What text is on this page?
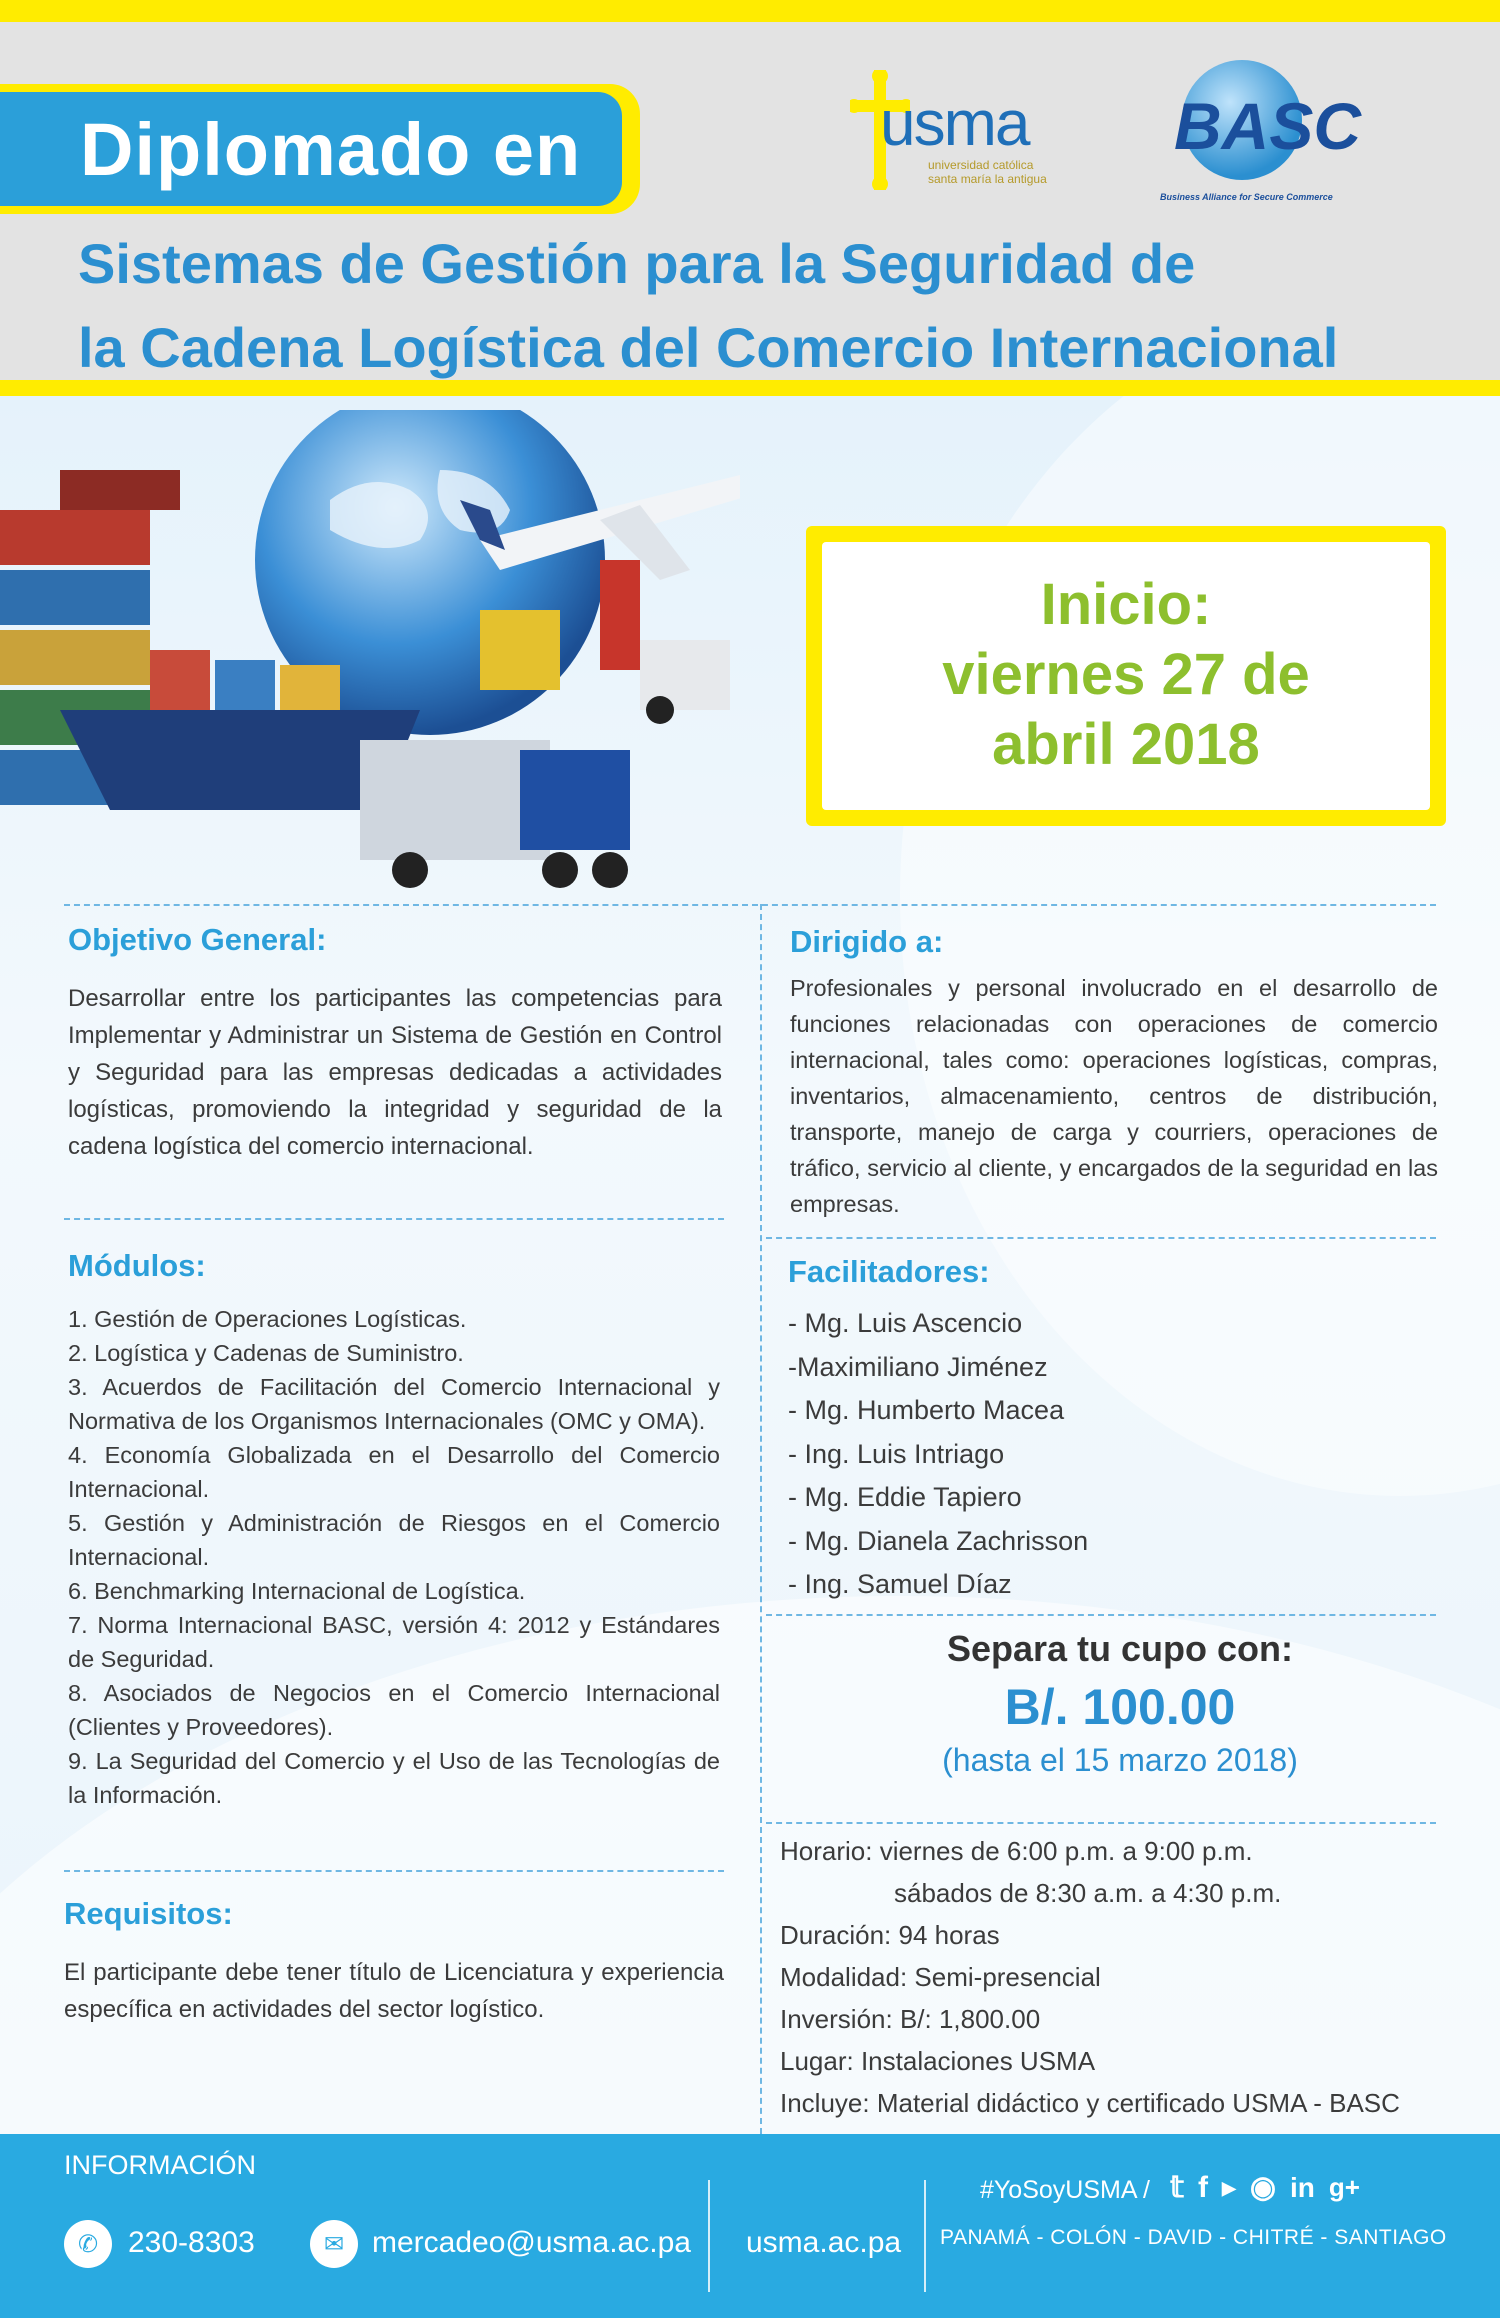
Diplomado en
Sistemas de Gestión para la Seguridad de
la Cadena Logística del Comercio Internacional
usma
universidad católica
santa maría la antigua
BASC
Business Alliance for Secure Commerce
Inicio:
viernes 27 de
abril 2018
Objetivo General:
Desarrollar entre los participantes las competencias para Implementar y Administrar un Sistema de Gestión en Control y Seguridad para las empresas dedicadas a actividades logísticas, promoviendo la integridad y seguridad de la cadena logística del comercio internacional.
Módulos:
1. Gestión de Operaciones Logísticas.
2. Logística y Cadenas de Suministro.
3. Acuerdos de Facilitación del Comercio Internacional y Normativa de los Organismos Internacionales (OMC y OMA).
4. Economía Globalizada en el Desarrollo del Comercio Internacional.
5. Gestión y Administración de Riesgos en el Comercio Internacional.
6. Benchmarking Internacional de Logística.
7. Norma Internacional BASC, versión 4: 2012 y Estándares de Seguridad.
8. Asociados de Negocios en el Comercio Internacional (Clientes y Proveedores).
9. La Seguridad del Comercio y el Uso de las Tecnologías de la Información.
Requisitos:
El participante debe tener título de Licenciatura y experiencia específica en actividades del sector logístico.
Dirigido a:
Profesionales y personal involucrado en el desarrollo de funciones relacionadas con operaciones de comercio internacional, tales como: operaciones logísticas, compras, inventarios, almacenamiento, centros de distribución, transporte, manejo de carga y courriers, operaciones de tráfico, servicio al cliente, y encargados de la seguridad en las empresas.
Facilitadores:
- Mg. Luis Ascencio
-Maximiliano Jiménez
- Mg. Humberto Macea
- Ing. Luis Intriago
- Mg. Eddie Tapiero
- Mg. Dianela Zachrisson
- Ing. Samuel Díaz
Separa tu cupo con:
B/. 100.00
(hasta el 15 marzo 2018)
Horario: viernes de 6:00 p.m. a 9:00 p.m.
sábados de 8:30 a.m. a 4:30 p.m.
Duración: 94 horas
Modalidad: Semi-presencial
Inversión: B/: 1,800.00
Lugar: Instalaciones USMA
Incluye: Material didáctico y certificado USMA - BASC
INFORMACIÓN
✆ 230-8303	✉ mercadeo@usma.ac.pa usma.ac.pa
#YoSoyUSMA / 𝕥 f ▶ ◉ in g+
PANAMÁ - COLÓN - DAVID - CHITRÉ - SANTIAGO
